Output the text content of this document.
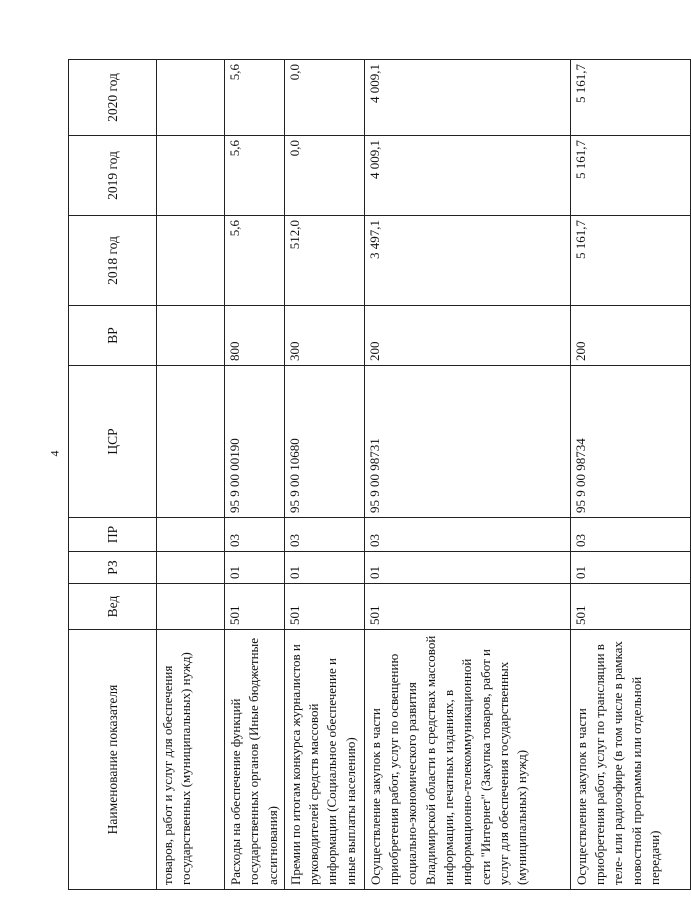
4
Наименование показателя	Вед	РЗ	ПР	ЦСР	ВР	2018 год	2019 год	2020 год
товаров, работ и услуг для обеспечения государственных (муниципальных) нужд)								
Расходы на обеспечение функций государственных органов (Иные бюджетные ассигнования)	501	01	03	95 9 00 00190	800	5,6	5,6	5,6
Премии по итогам конкурса журналистов и руководителей средств массовой информации (Социальное обеспечение и иные выплаты населению)	501	01	03	95 9 00 10680	300	512,0	0,0	0,0
Осуществление закупок в части приобретения работ, услуг по освещению социально-экономического развития Владимирской области в средствах массовой информации, печатных изданиях, в информационно-телекоммуникационной сети "Интернет" (Закупка товаров, работ и услуг для обеспечения государственных (муниципальных) нужд)	501	01	03	95 9 00 98731	200	3 497,1	4 009,1	4 009,1
Осуществление закупок в части приобретения работ, услуг по трансляции в теле- или радиоэфире (в том числе в рамках новостной программы или отдельной передачи)	501	01	03	95 9 00 98734	200	5 161,7	5 161,7	5 161,7
